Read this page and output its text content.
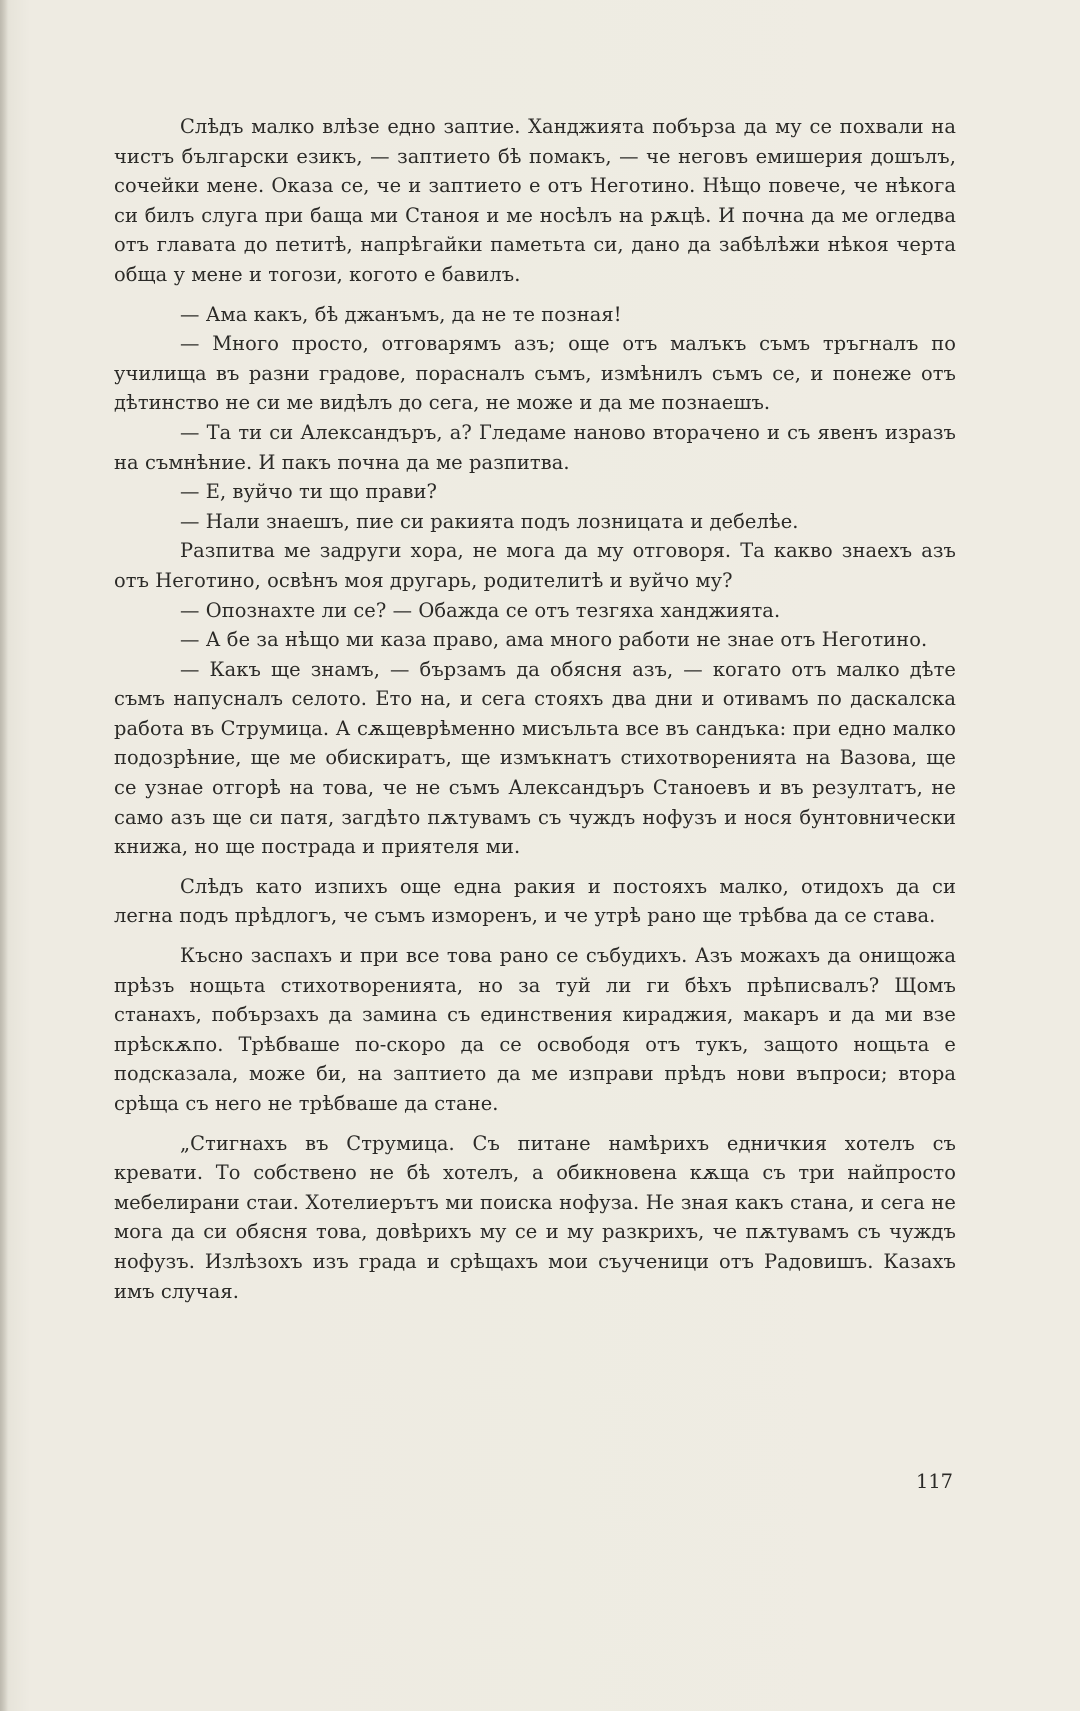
Слѣдъ малко влѣзе едно заптие. Ханджията побърза да му се похвали на чистъ български езикъ, — заптието бѣ помакъ, — че неговъ емишерия дошълъ, сочейки мене. Оказа се, че и заптието е отъ Неготино. Нѣщо повече, че нѣкога си билъ слуга при баща ми Станоя и ме носѣлъ на рѫцѣ. И почна да ме оглeдва отъ главата до петитѣ, напрѣгайки паметьта си, дано да забѣлѣжи нѣкоя черта обща у мене и тогози, когото е бавилъ.

— Ама какъ, бѣ джанъмъ, да не те позная!

— Много просто, отговарямъ азъ; още отъ малъкъ съмъ тръгналъ по училища въ разни градове, порасналъ съмъ, измѣнилъ съмъ се, и понеже отъ дѣтинство не си ме видѣлъ до сега, не може и да ме познаешъ.

— Та ти си Александъръ, а? Гледаме наново вторачено и съ явенъ изразъ на съмнѣние. И пакъ почна да ме разпитва.

— Е, вуйчо ти що прави?

— Нали знаешъ, пие си ракията подъ лозницата и дебелѣе.

Разпитва ме задруги хора, не мога да му отговоря. Та какво знаехъ азъ отъ Неготино, освѣнъ моя другарь, родителитѣ и вуйчо му?

— Опознахте ли се? — Обажда се отъ тезгяха ханджията.

— А бе за нѣщо ми каза право, ама много работи не знае отъ Неготино.

— Какъ ще знамъ, — бързамъ да обясня азъ, — когато отъ малко дѣте съмъ напусналъ селото. Ето на, и сега стояхъ два дни и отивамъ по даскалска работа въ Струмица. А сѫщеврѣменно мисъльта все въ сандъка: при едно малко подозрѣние, ще ме обискиратъ, ще измъкнатъ стихотворенията на Вазова, ще се узнае отгорѣ на това, че не съмъ Александъръ Станоевъ и въ резултатъ, не само азъ ще си патя, загдѣто пѫтувамъ съ чуждъ нофузъ и нося бунтовнически книжа, но ще пострада и приятеля ми.

Слѣдъ като изпихъ още една ракия и постояхъ малко, отидохъ да си легна подъ прѣдлогъ, че съмъ изморенъ, и че утрѣ рано ще трѣбва да се става.

Късно заспахъ и при все това рано се събудихъ. Азъ можахъ да онищожа прѣзъ нощьта стихотворенията, но за туй ли ги бѣхъ прѣписвалъ? Щомъ станахъ, побързахъ да замина съ единствения кираджия, макаръ и да ми взе прѣскѫпо. Трѣбваше по-скоро да се освободя отъ тукъ, защото нощьта е подсказала, може би, на заптието да ме изправи прѣдъ нови въпроси; втора срѣща съ него не трѣбваше да стане.

„Стигнахъ въ Струмица. Съ питане намѣрихъ едничкия хотелъ съ кревати. То собствено не бѣ хотелъ, а обикновена кѫща съ три найпросто мебелирани стаи. Хотелиерътъ ми поиска нофуза. Не зная какъ стана, и сега не мога да си обясня това, довѣрихъ му се и му разкрихъ, че пѫтувамъ съ чуждъ нофузъ. Излѣзохъ изъ града и срѣщахъ мои съученици отъ Радовишъ. Казахъ имъ случая.

117
